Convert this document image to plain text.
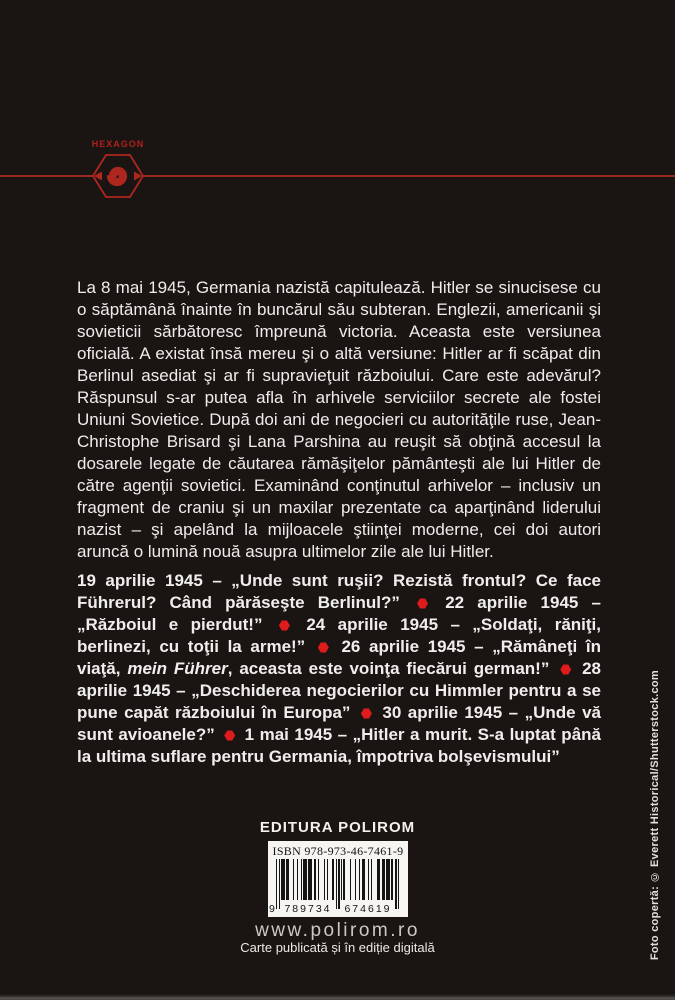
HEXAGON

La 8 mai 1945, Germania nazistă capitulează. Hitler se sinucisese cu o săptămână înainte în buncărul său subteran. Englezii, americanii şi sovieticii sărbătoresc împreună victoria. Aceasta este versiunea oficială. A existat însă mereu şi o altă versiune: Hitler ar fi scăpat din Berlinul asediat şi ar fi supravieţuit războiului. Care este adevărul? Răspunsul s-ar putea afla în arhivele serviciilor secrete ale fostei Uniuni Sovietice. După doi ani de negocieri cu autorităţile ruse, Jean-Christophe Brisard şi Lana Parshina au reuşit să obţină accesul la dosarele legate de căutarea rămăşiţelor pământeşti ale lui Hitler de către agenţii sovietici. Examinând conţinutul arhivelor – inclusiv un fragment de craniu şi un maxilar prezentate ca aparţinând liderului nazist – şi apelând la mijloacele ştiinţei moderne, cei doi autori aruncă o lumină nouă asupra ultimelor zile ale lui Hitler.

19 aprilie 1945 – „Unde sunt ruşii? Rezistă frontul? Ce face Führerul? Când părăseşte Berlinul?”  22 aprilie 1945 – „Războiul e pierdut!”  24 aprilie 1945 – „Soldaţi, răniţi, berlinezi, cu toţii la arme!”  26 aprilie 1945 – „Rămâneţi în viaţă, mein Führer, aceasta este voinţa fiecărui german!”  28 aprilie 1945 – „Deschiderea negocierilor cu Himmler pentru a se pune capăt războiului în Europa”  30 aprilie 1945 – „Unde vă sunt avioanele?”  1 mai 1945 – „Hitler a murit. S-a luptat până la ultima suflare pentru Germania, împotriva bolşevismului”

EDITURA POLIROM
ISBN 978-973-46-7461-9
9 789734	674619
www.polirom.ro
Carte publicată și în ediție digitală	Foto copertă: © Everett Historical/Shutterstock.com
